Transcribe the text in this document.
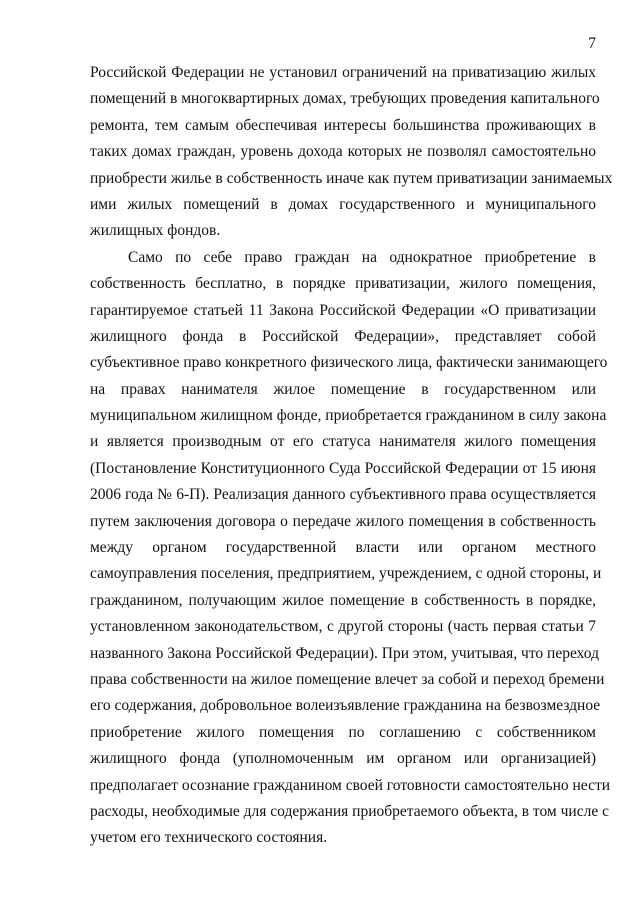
7
Российской Федерации не установил ограничений на приватизацию жилых
помещений в многоквартирных домах, требующих проведения капитального
ремонта, тем самым обеспечивая интересы большинства проживающих в
таких домах граждан, уровень дохода которых не позволял самостоятельно
приобрести жилье в собственность иначе как путем приватизации занимаемых
ими жилых помещений в домах государственного и муниципального
жилищных фондов.
Само по себе право граждан на однократное приобретение в
собственность бесплатно, в порядке приватизации, жилого помещения,
гарантируемое статьей 11 Закона Российской Федерации «О приватизации
жилищного фонда в Российской Федерации», представляет собой
субъективное право конкретного физического лица, фактически занимающего
на правах нанимателя жилое помещение в государственном или
муниципальном жилищном фонде, приобретается гражданином в силу закона
и является производным от его статуса нанимателя жилого помещения
(Постановление Конституционного Суда Российской Федерации от 15 июня
2006 года № 6-П). Реализация данного субъективного права осуществляется
путем заключения договора о передаче жилого помещения в собственность
между органом государственной власти или органом местного
самоуправления поселения, предприятием, учреждением, с одной стороны, и
гражданином, получающим жилое помещение в собственность в порядке,
установленном законодательством, с другой стороны (часть первая статьи 7
названного Закона Российской Федерации). При этом, учитывая, что переход
права собственности на жилое помещение влечет за собой и переход бремени
его содержания, добровольное волеизъявление гражданина на безвозмездное
приобретение жилого помещения по соглашению с собственником
жилищного фонда (уполномоченным им органом или организацией)
предполагает осознание гражданином своей готовности самостоятельно нести
расходы, необходимые для содержания приобретаемого объекта, в том числе с
учетом его технического состояния.
